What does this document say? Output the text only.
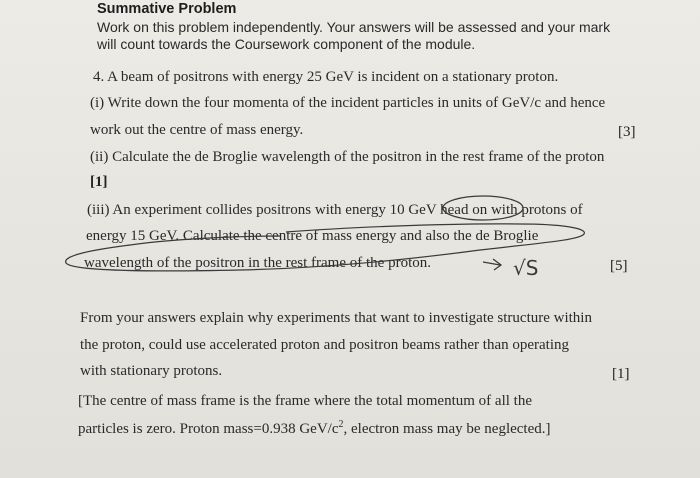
Summative Problem
Work on this problem independently. Your answers will be assessed and your mark
will count towards the Coursework component of the module.
4. A beam of positrons with energy 25 GeV is incident on a stationary proton.
(i) Write down the four momenta of the incident particles in units of GeV/c and hence
work out the centre of mass energy.	[3]
(ii) Calculate the de Broglie wavelength of the positron in the rest frame of the proton
[1]
(iii) An experiment collides positrons with energy 10 GeV head on with protons of
energy 15 GeV. Calculate the centre of mass energy and also the de Broglie
wavelength of the positron in the rest frame of the proton.	[5]
√S
From your answers explain why experiments that want to investigate structure within
the proton, could use accelerated proton and positron beams rather than operating
with stationary protons.	[1]
[The centre of mass frame is the frame where the total momentum of all the
particles is zero. Proton mass=0.938 GeV/$c^2$, electron mass may be neglected.]
